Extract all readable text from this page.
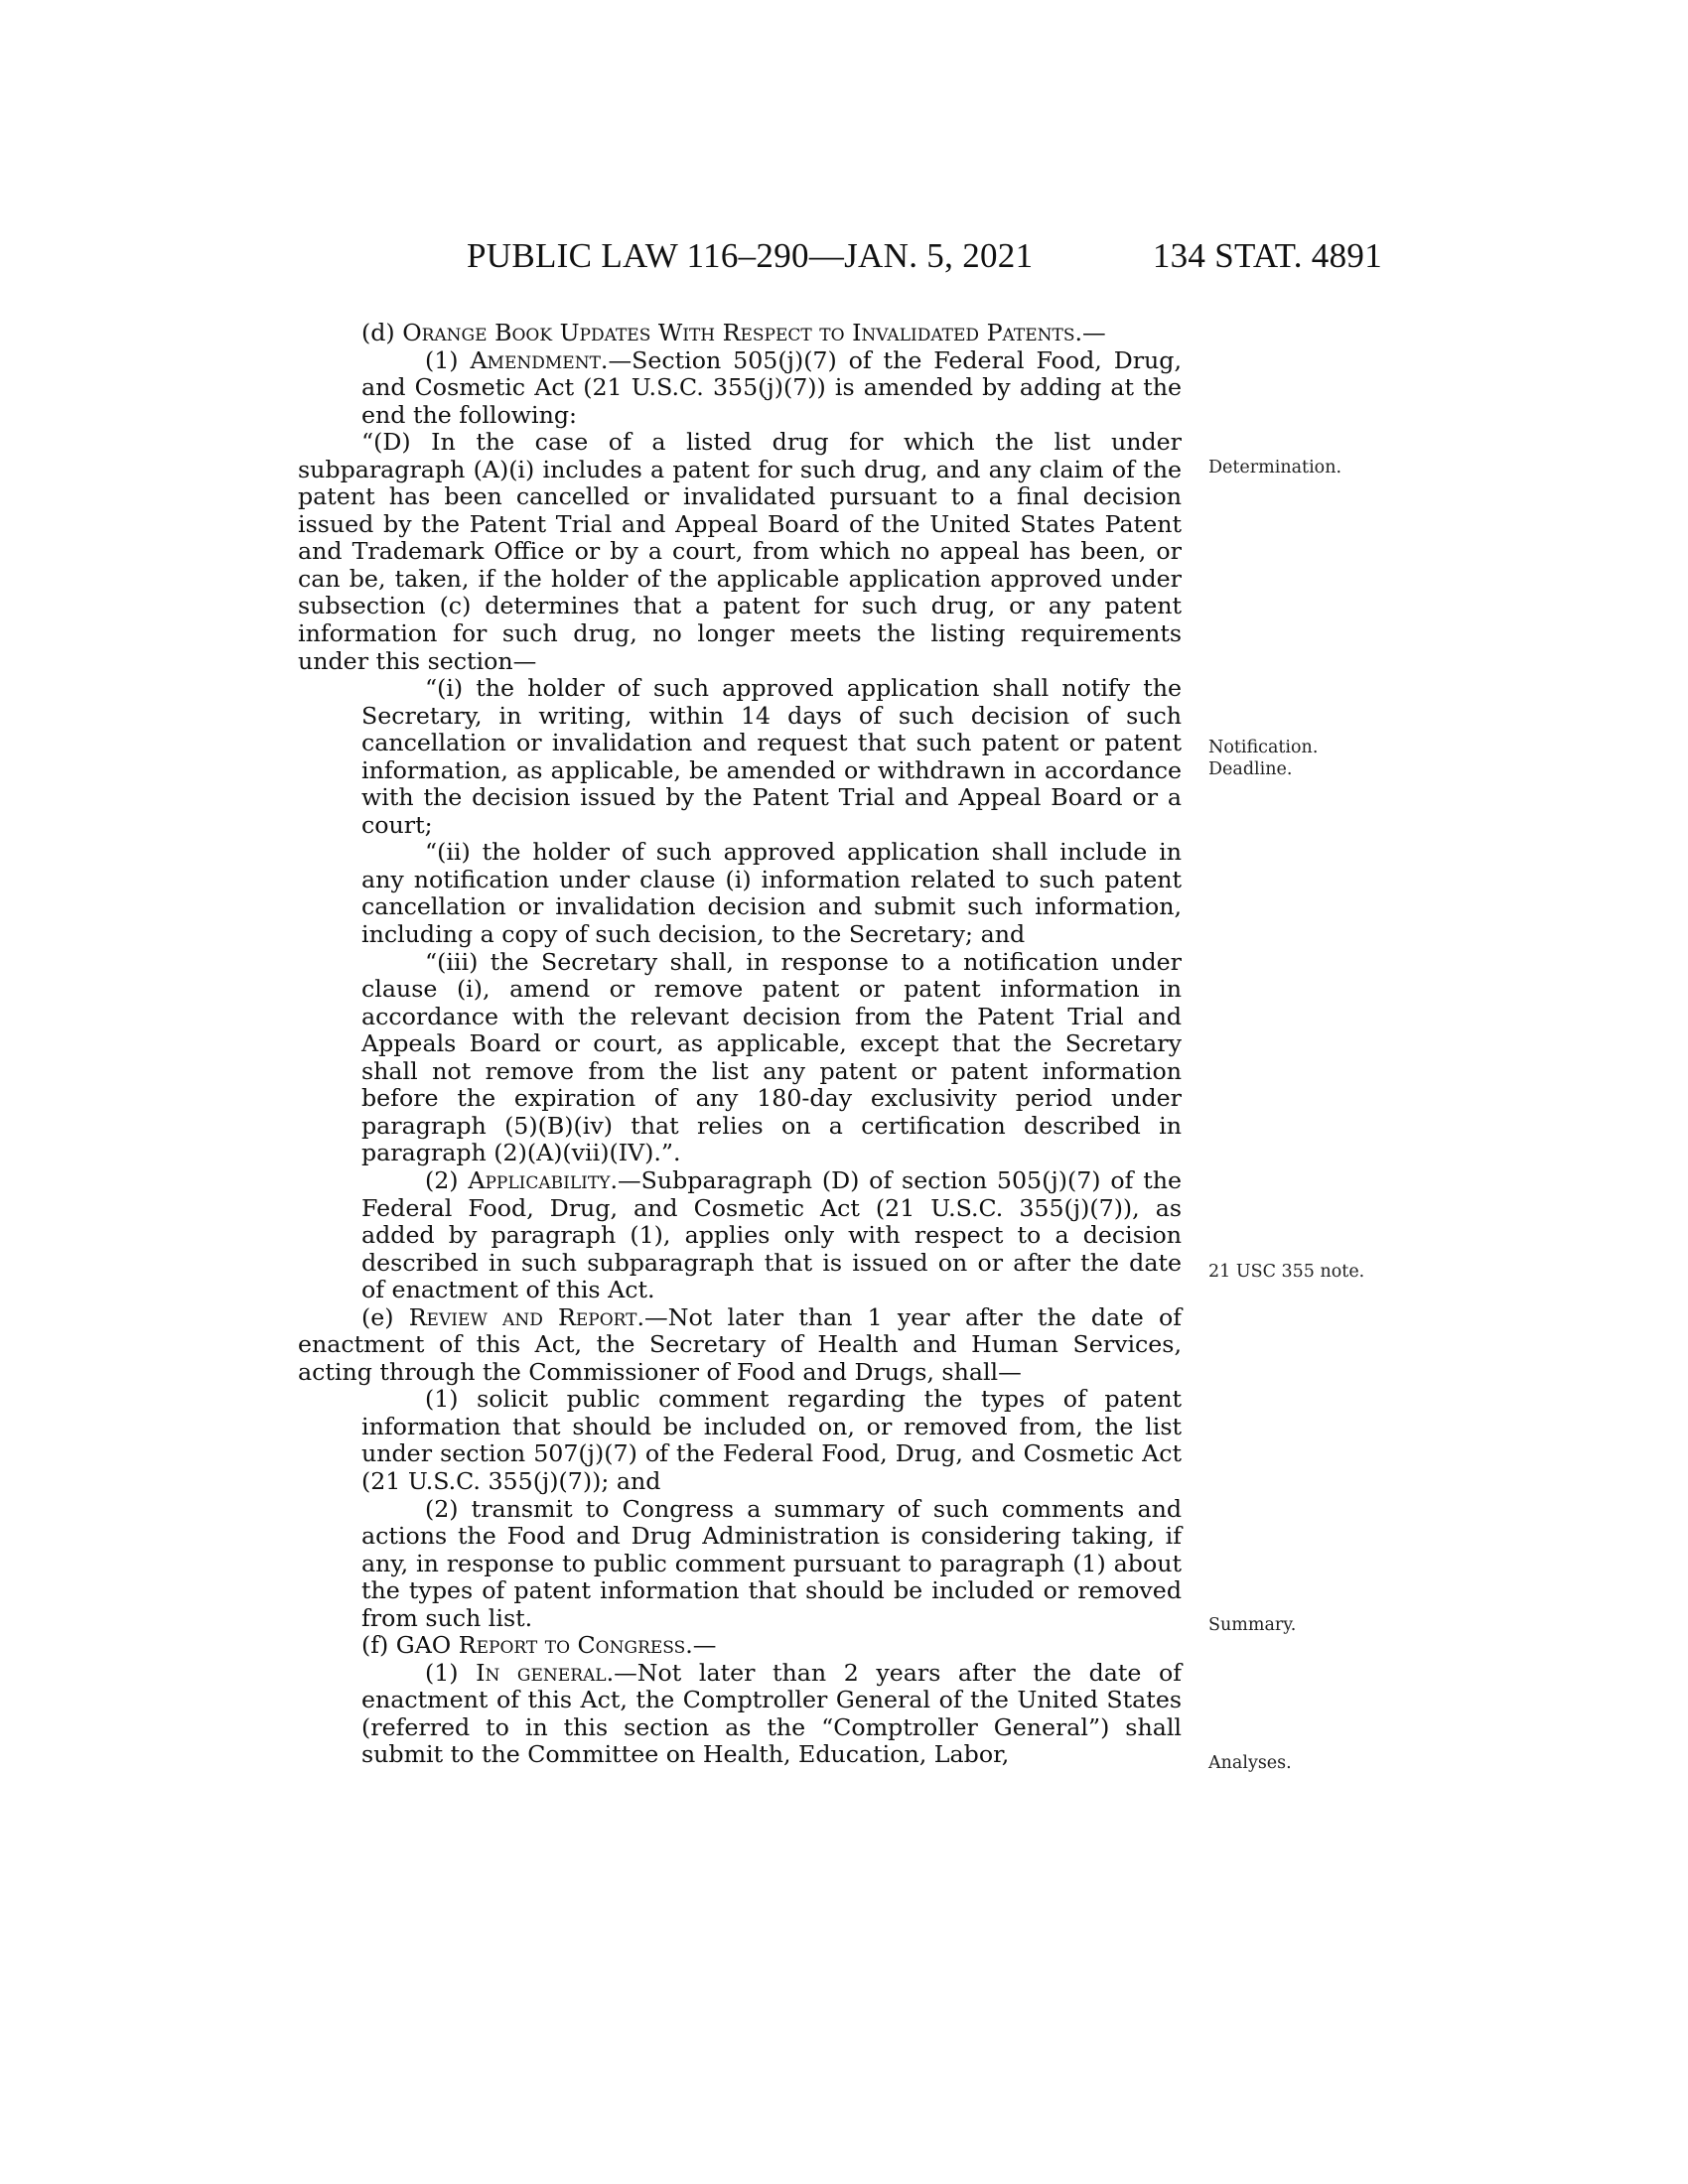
PUBLIC LAW 116–290—JAN. 5, 2021	134 STAT. 4891

(d) Orange Book Updates With Respect to Invalidated Patents.—

(1) Amendment.—Section 505(j)(7) of the Federal Food, Drug, and Cosmetic Act (21 U.S.C. 355(j)(7)) is amended by adding at the end the following:

“(D) In the case of a listed drug for which the list under subparagraph (A)(i) includes a patent for such drug, and any claim of the patent has been cancelled or invalidated pursuant to a final decision issued by the Patent Trial and Appeal Board of the United States Patent and Trademark Office or by a court, from which no appeal has been, or can be, taken, if the holder of the applicable application approved under subsection (c) determines that a patent for such drug, or any patent information for such drug, no longer meets the listing requirements under this section—

“(i) the holder of such approved application shall notify the Secretary, in writing, within 14 days of such decision of such cancellation or invalidation and request that such patent or patent information, as applicable, be amended or withdrawn in accordance with the decision issued by the Patent Trial and Appeal Board or a court;

“(ii) the holder of such approved application shall include in any notification under clause (i) information related to such patent cancellation or invalidation decision and submit such information, including a copy of such decision, to the Secretary; and

“(iii) the Secretary shall, in response to a notification under clause (i), amend or remove patent or patent information in accordance with the relevant decision from the Patent Trial and Appeals Board or court, as applicable, except that the Secretary shall not remove from the list any patent or patent information before the expiration of any 180-day exclusivity period under paragraph (5)(B)(iv) that relies on a certification described in paragraph (2)(A)(vii)(IV).”.

(2) Applicability.—Subparagraph (D) of section 505(j)(7) of the Federal Food, Drug, and Cosmetic Act (21 U.S.C. 355(j)(7)), as added by paragraph (1), applies only with respect to a decision described in such subparagraph that is issued on or after the date of enactment of this Act.

(e) Review and Report.—Not later than 1 year after the date of enactment of this Act, the Secretary of Health and Human Services, acting through the Commissioner of Food and Drugs, shall—

(1) solicit public comment regarding the types of patent information that should be included on, or removed from, the list under section 507(j)(7) of the Federal Food, Drug, and Cosmetic Act (21 U.S.C. 355(j)(7)); and

(2) transmit to Congress a summary of such comments and actions the Food and Drug Administration is considering taking, if any, in response to public comment pursuant to paragraph (1) about the types of patent information that should be included or removed from such list.

(f) GAO Report to Congress.—

(1) In general.—Not later than 2 years after the date of enactment of this Act, the Comptroller General of the United States (referred to in this section as the “Comptroller General”) shall submit to the Committee on Health, Education, Labor,

Determination.
Notification.
Deadline.
21 USC 355 note.
Summary.
Analyses.
